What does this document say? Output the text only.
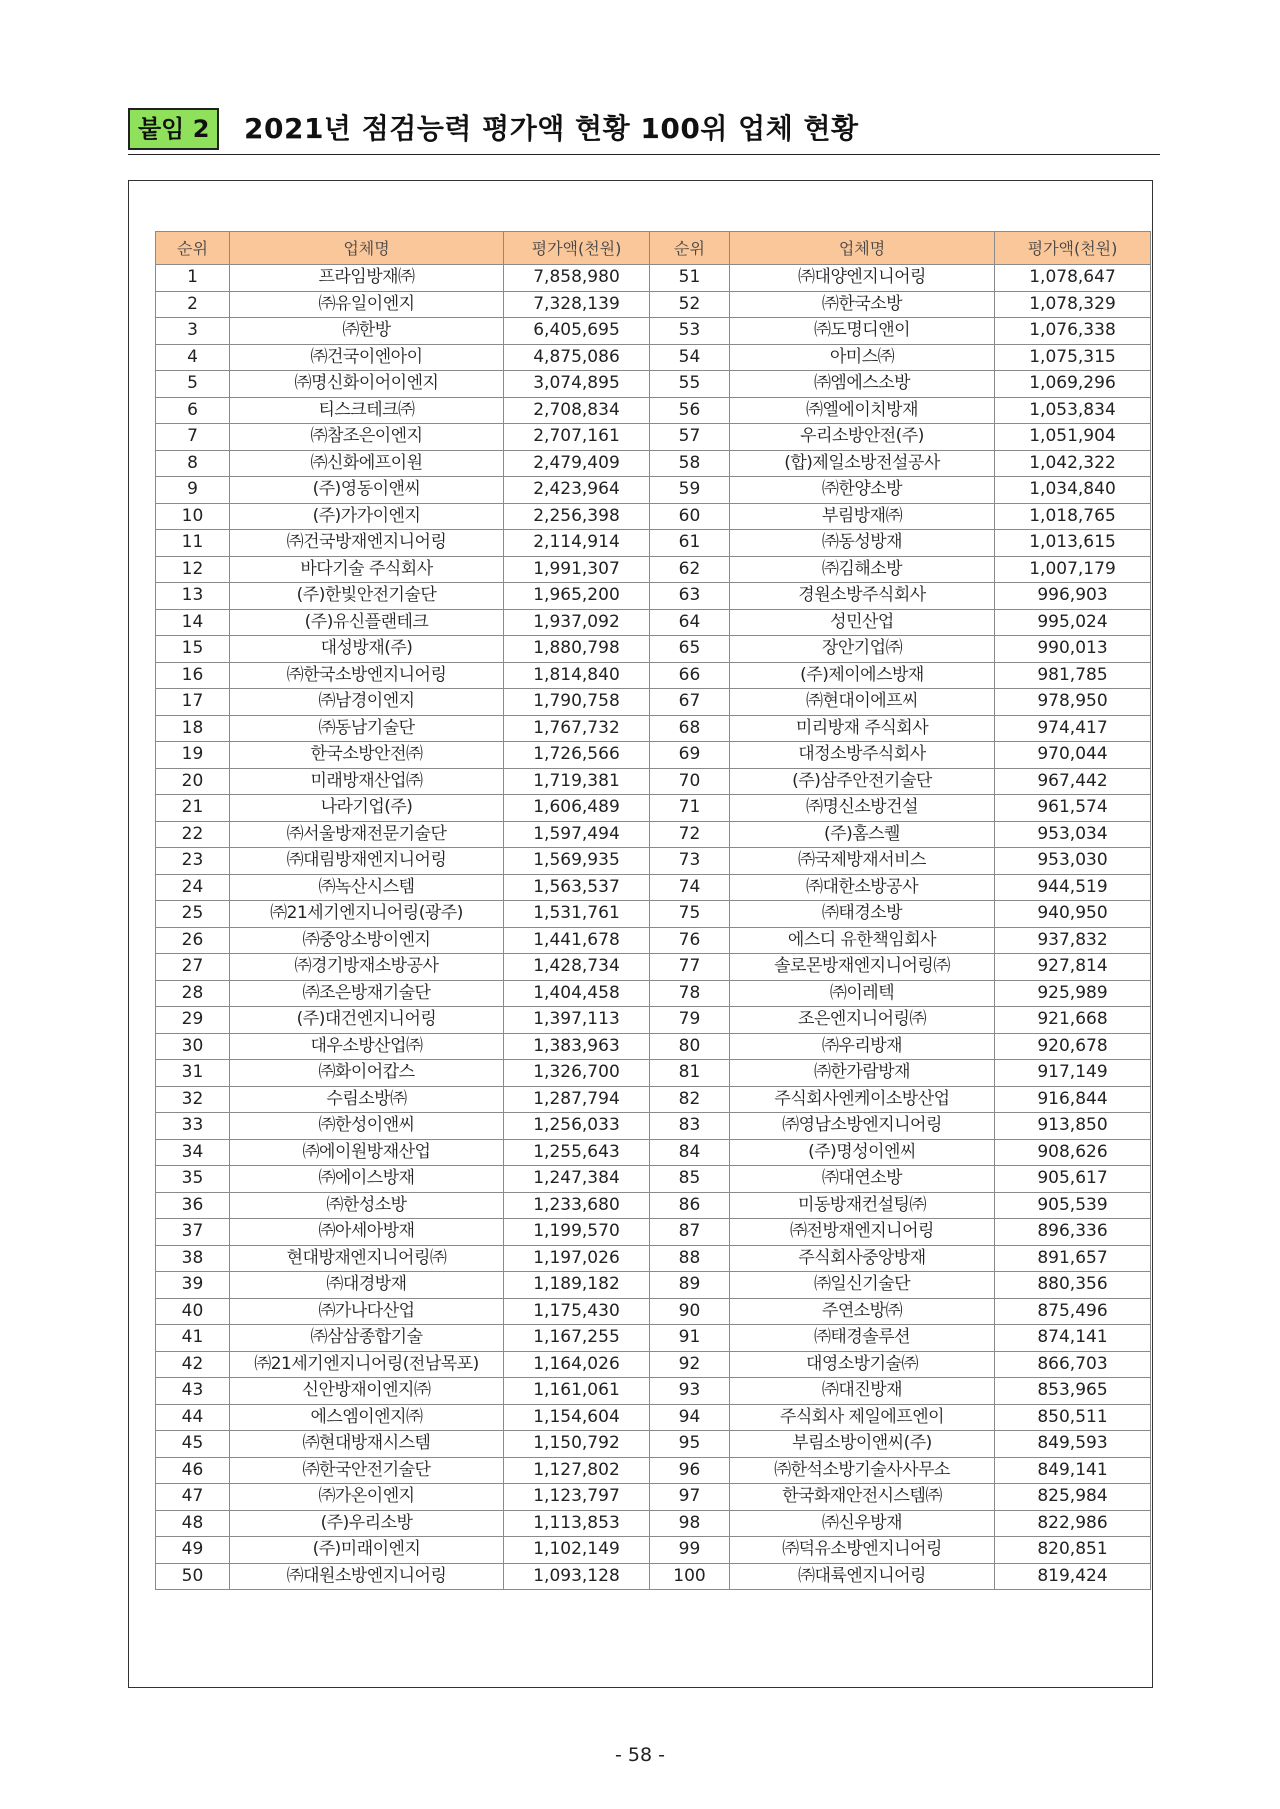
붙임 2	2021년 점검능력 평가액 현황 100위 업체 현황
순위	업체명	평가액(천원)	순위	업체명	평가액(천원)
1	프라임방재㈜	7,858,980	51	㈜대양엔지니어링	1,078,647
2	㈜유일이엔지	7,328,139	52	㈜한국소방	1,078,329
3	㈜한방	6,405,695	53	㈜도명디앤이	1,076,338
4	㈜건국이엔아이	4,875,086	54	아미스㈜	1,075,315
5	㈜명신화이어이엔지	3,074,895	55	㈜엠에스소방	1,069,296
6	티스크테크㈜	2,708,834	56	㈜엘에이치방재	1,053,834
7	㈜참조은이엔지	2,707,161	57	우리소방안전(주)	1,051,904
8	㈜신화에프이원	2,479,409	58	(합)제일소방전설공사	1,042,322
9	(주)영동이앤씨	2,423,964	59	㈜한양소방	1,034,840
10	(주)가가이엔지	2,256,398	60	부림방재㈜	1,018,765
11	㈜건국방재엔지니어링	2,114,914	61	㈜동성방재	1,013,615
12	바다기술 주식회사	1,991,307	62	㈜김해소방	1,007,179
13	(주)한빛안전기술단	1,965,200	63	경원소방주식회사	996,903
14	(주)유신플랜테크	1,937,092	64	성민산업	995,024
15	대성방재(주)	1,880,798	65	장안기업㈜	990,013
16	㈜한국소방엔지니어링	1,814,840	66	(주)제이에스방재	981,785
17	㈜남경이엔지	1,790,758	67	㈜현대이에프씨	978,950
18	㈜동남기술단	1,767,732	68	미리방재 주식회사	974,417
19	한국소방안전㈜	1,726,566	69	대정소방주식회사	970,044
20	미래방재산업㈜	1,719,381	70	(주)삼주안전기술단	967,442
21	나라기업(주)	1,606,489	71	㈜명신소방건설	961,574
22	㈜서울방재전문기술단	1,597,494	72	(주)홈스퀠	953,034
23	㈜대림방재엔지니어링	1,569,935	73	㈜국제방재서비스	953,030
24	㈜녹산시스템	1,563,537	74	㈜대한소방공사	944,519
25	㈜21세기엔지니어링(광주)	1,531,761	75	㈜태경소방	940,950
26	㈜중앙소방이엔지	1,441,678	76	에스디 유한책임회사	937,832
27	㈜경기방재소방공사	1,428,734	77	솔로몬방재엔지니어링㈜	927,814
28	㈜조은방재기술단	1,404,458	78	㈜이레텍	925,989
29	(주)대건엔지니어링	1,397,113	79	조은엔지니어링㈜	921,668
30	대우소방산업㈜	1,383,963	80	㈜우리방재	920,678
31	㈜화이어캅스	1,326,700	81	㈜한가람방재	917,149
32	수림소방㈜	1,287,794	82	주식회사엔케이소방산업	916,844
33	㈜한성이앤씨	1,256,033	83	㈜영남소방엔지니어링	913,850
34	㈜에이원방재산업	1,255,643	84	(주)명성이엔씨	908,626
35	㈜에이스방재	1,247,384	85	㈜대연소방	905,617
36	㈜한성소방	1,233,680	86	미동방재컨설팅㈜	905,539
37	㈜아세아방재	1,199,570	87	㈜전방재엔지니어링	896,336
38	현대방재엔지니어링㈜	1,197,026	88	주식회사중앙방재	891,657
39	㈜대경방재	1,189,182	89	㈜일신기술단	880,356
40	㈜가나다산업	1,175,430	90	주연소방㈜	875,496
41	㈜삼삼종합기술	1,167,255	91	㈜태경솔루션	874,141
42	㈜21세기엔지니어링(전남목포)	1,164,026	92	대영소방기술㈜	866,703
43	신안방재이엔지㈜	1,161,061	93	㈜대진방재	853,965
44	에스엠이엔지㈜	1,154,604	94	주식회사 제일에프엔이	850,511
45	㈜현대방재시스템	1,150,792	95	부림소방이앤씨(주)	849,593
46	㈜한국안전기술단	1,127,802	96	㈜한석소방기술사사무소	849,141
47	㈜가온이엔지	1,123,797	97	한국화재안전시스템㈜	825,984
48	(주)우리소방	1,113,853	98	㈜신우방재	822,986
49	(주)미래이엔지	1,102,149	99	㈜덕유소방엔지니어링	820,851
50	㈜대원소방엔지니어링	1,093,128	100	㈜대륙엔지니어링	819,424
- 58 -
